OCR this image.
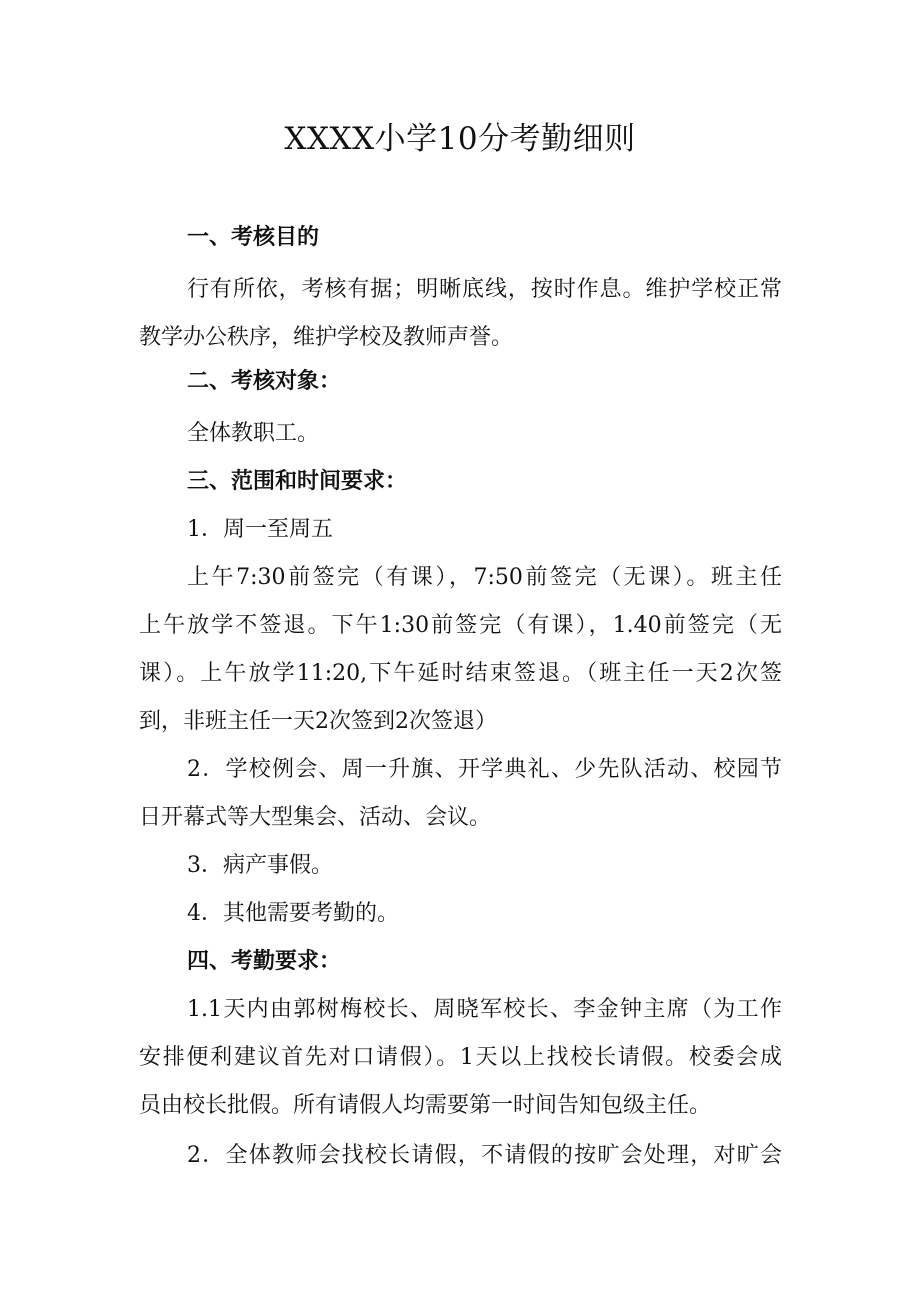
XXXX小学10分考勤细则
一、考核目的
行有所依，考核有据；明晰底线，按时作息。维护学校正常
教学办公秩序，维护学校及教师声誉。
二、考核对象：
全体教职工。
三、范围和时间要求：
1．周一至周五
上午7:30前签完（有课），7:50前签完（无课）。班主任
上午放学不签退。下午1:30前签完（有课），1.40前签完（无
课）。上午放学11:20,下午延时结束签退。（班主任一天2次签
到，非班主任一天2次签到2次签退）
2．学校例会、周一升旗、开学典礼、少先队活动、校园节
日开幕式等大型集会、活动、会议。
3．病产事假。
4．其他需要考勤的。
四、考勤要求：
1.1天内由郭树梅校长、周晓军校长、李金钟主席（为工作
安排便利建议首先对口请假）。1天以上找校长请假。校委会成
员由校长批假。所有请假人均需要第一时间告知包级主任。
2．全体教师会找校长请假，不请假的按旷会处理，对旷会
